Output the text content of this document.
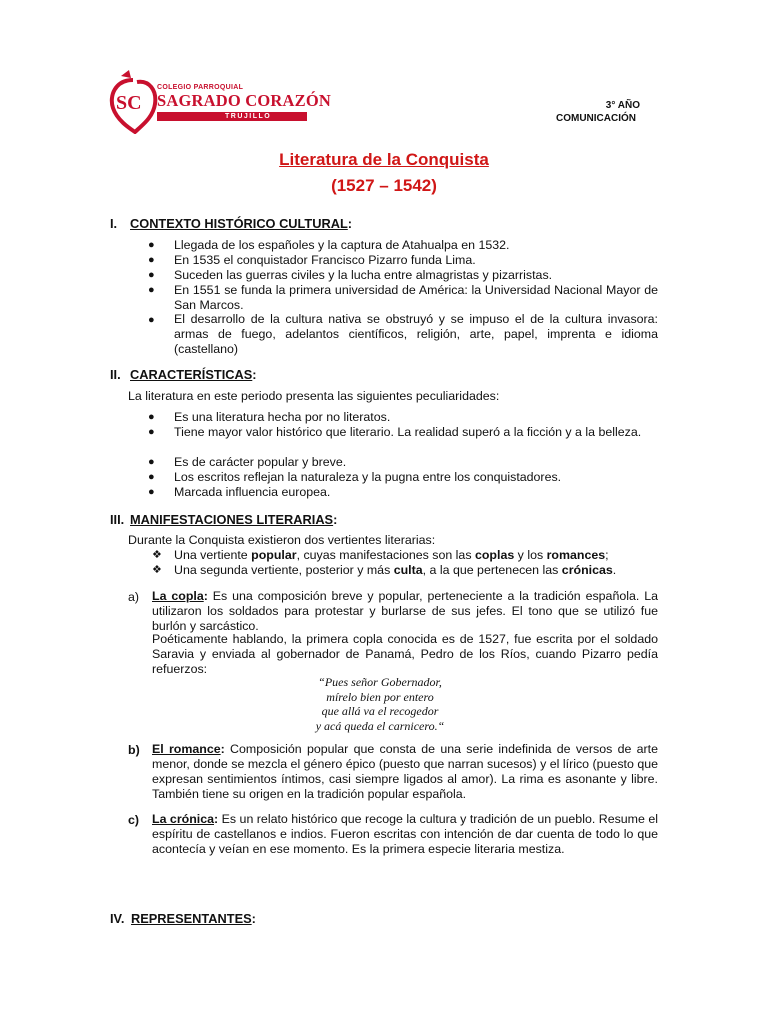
SC
COLEGIO PARROQUIAL
SAGRADO CORAZÓN
TRUJILLO
3° AÑO
COMUNICACIÓN
Literatura de la Conquista
(1527 – 1542)
I. CONTEXTO HISTÓRICO CULTURAL:
●	Llegada de los españoles y la captura de Atahualpa en 1532.
●	En 1535 el conquistador Francisco Pizarro funda Lima.
●	Suceden las guerras civiles y la lucha entre almagristas y pizarristas.
●	En 1551 se funda la primera universidad de América: la Universidad Nacional Mayor de San Marcos.
●	El desarrollo de la cultura nativa se obstruyó y se impuso el de la cultura invasora: armas de fuego, adelantos científicos, religión, arte, papel, imprenta e idioma (castellano)
II. CARACTERÍSTICAS:
La literatura en este periodo presenta las siguientes peculiaridades:
●	Es una literatura hecha por no literatos.
●	Tiene mayor valor histórico que literario. La realidad superó a la ficción y a la belleza.
●	Es de carácter popular y breve.
●	Los escritos reflejan la naturaleza y la pugna entre los conquistadores.
●	Marcada influencia europea.
III. MANIFESTACIONES LITERARIAS:
Durante la Conquista existieron dos vertientes literarias:
❖ Una vertiente popular, cuyas manifestaciones son las coplas y los romances;
❖ Una segunda vertiente, posterior y más culta, a la que pertenecen las crónicas.
a) La copla: Es una composición breve y popular, perteneciente a la tradición española. La utilizaron los soldados para protestar y burlarse de sus jefes. El tono que se utilizó fue burlón y sarcástico.
Poéticamente hablando, la primera copla conocida es de 1527, fue escrita por el soldado Saravia y enviada al gobernador de Panamá, Pedro de los Ríos, cuando Pizarro pedía refuerzos:
“Pues señor Gobernador,
mírelo bien por entero
que allá va el recogedor
y acá queda el carnicero.“
b) El romance: Composición popular que consta de una serie indefinida de versos de arte menor, donde se mezcla el género épico (puesto que narran sucesos) y el lírico (puesto que expresan sentimientos íntimos, casi siempre ligados al amor). La rima es asonante y libre. También tiene su origen en la tradición popular española.
c) La crónica: Es un relato histórico que recoge la cultura y tradición de un pueblo. Resume el espíritu de castellanos e indios. Fueron escritas con intención de dar cuenta de todo lo que acontecía y veían en ese momento. Es la primera especie literaria mestiza.
IV. REPRESENTANTES:
